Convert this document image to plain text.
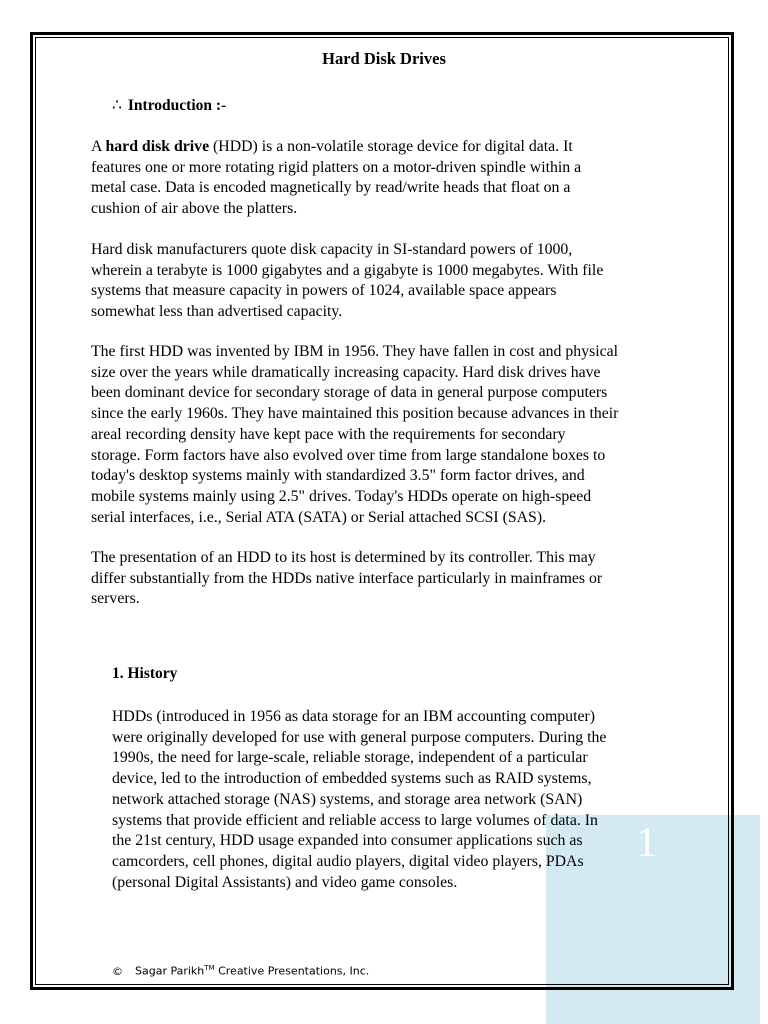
1
Hard Disk Drives
∴ Introduction :-

A hard disk drive (HDD) is a non-volatile storage device for digital data. It
features one or more rotating rigid platters on a motor-driven spindle within a
metal case. Data is encoded magnetically by read/write heads that float on a
cushion of air above the platters.

Hard disk manufacturers quote disk capacity in SI-standard powers of 1000,
wherein a terabyte is 1000 gigabytes and a gigabyte is 1000 megabytes. With file
systems that measure capacity in powers of 1024, available space appears
somewhat less than advertised capacity.

The first HDD was invented by IBM in 1956. They have fallen in cost and physical
size over the years while dramatically increasing capacity. Hard disk drives have
been dominant device for secondary storage of data in general purpose computers
since the early 1960s. They have maintained this position because advances in their
areal recording density have kept pace with the requirements for secondary
storage. Form factors have also evolved over time from large standalone boxes to
today's desktop systems mainly with standardized 3.5" form factor drives, and
mobile systems mainly using 2.5" drives. Today's HDDs operate on high-speed
serial interfaces, i.e., Serial ATA (SATA) or Serial attached SCSI (SAS).

The presentation of an HDD to its host is determined by its controller. This may
differ substantially from the HDDs native interface particularly in mainframes or
servers.

1. History

HDDs (introduced in 1956 as data storage for an IBM accounting computer)
were originally developed for use with general purpose computers. During the
1990s, the need for large-scale, reliable storage, independent of a particular
device, led to the introduction of embedded systems such as RAID systems,
network attached storage (NAS) systems, and storage area network (SAN)
systems that provide efficient and reliable access to large volumes of data. In
the 21st century, HDD usage expanded into consumer applications such as
camcorders, cell phones, digital audio players, digital video players, PDAs
(personal Digital Assistants) and video game consoles.

© Sagar Parikh™ Creative Presentations, Inc.
